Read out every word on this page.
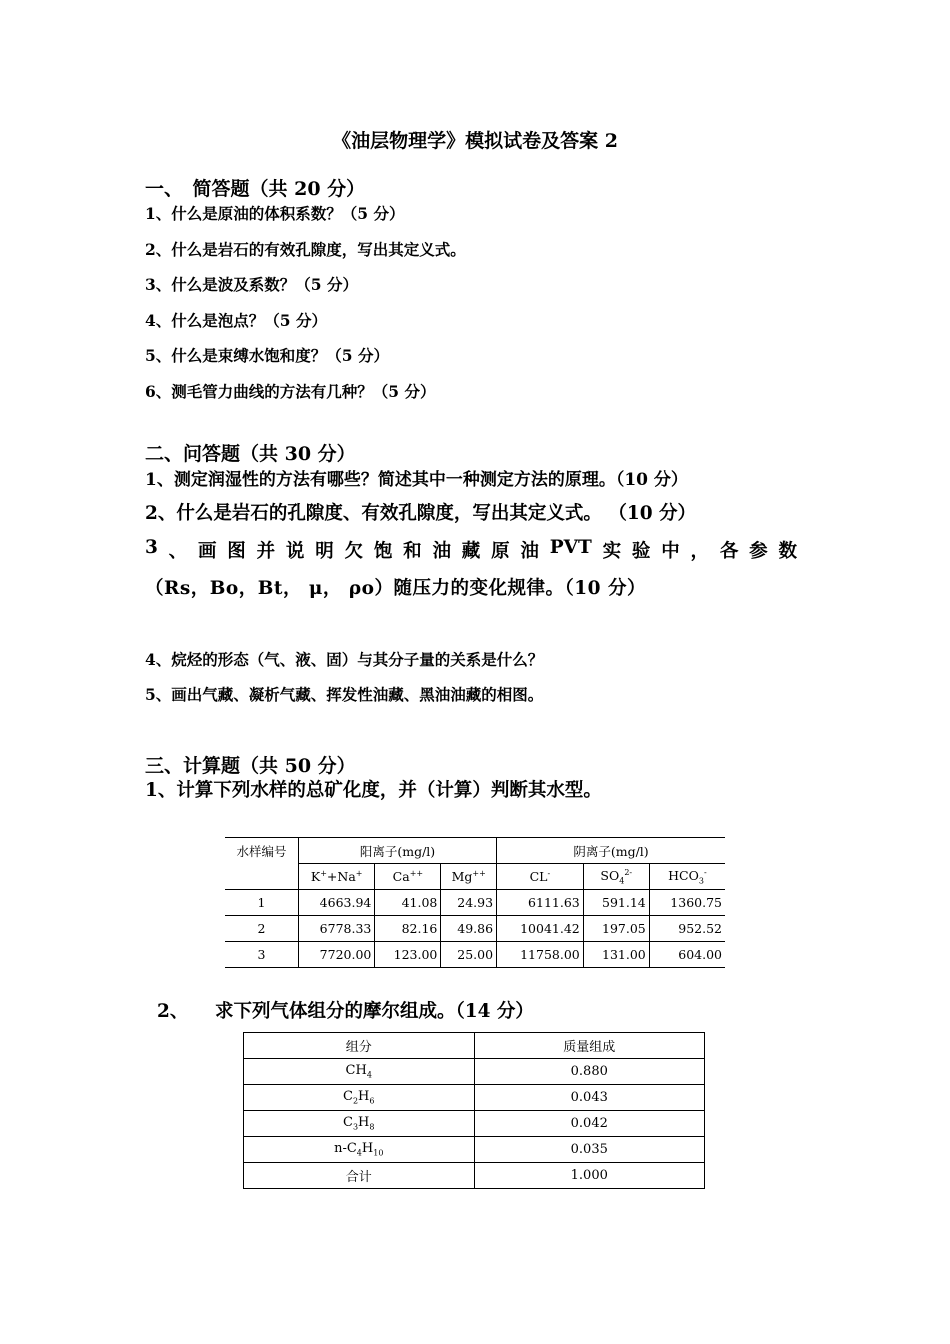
《油层物理学》模拟试卷及答案 2
一、　简答题（共 20 分）
1、什么是原油的体积系数？（5 分）
2、什么是岩石的有效孔隙度，写出其定义式。
3、什么是波及系数？（5 分）
4、什么是泡点？（5 分）
5、什么是束缚水饱和度？（5 分）
6、测毛管力曲线的方法有几种？（5 分）
二、问答题（共 30 分）
1、测定润湿性的方法有哪些？简述其中一种测定方法的原理。（10 分）
2、什么是岩石的孔隙度、有效孔隙度，写出其定义式。 （10 分）
3 、 画 图 并 说 明 欠 饱 和 油 藏 原 油 PVT 实 验 中 ， 各 参 数
（Rs，Bo，Bt， μ， ρo）随压力的变化规律。（10 分）
4、烷烃的形态（气、液、固）与其分子量的关系是什么？
5、画出气藏、凝析气藏、挥发性油藏、黑油油藏的相图。
三、计算题（共 50 分）
1、计算下列水样的总矿化度，并（计算）判断其水型。
水样编号	阳离子(mg/l)			阴离子(mg/l)		
	K++Na+	Ca++	Mg++	CL-	$SO_4^{2-}$	$HCO_3^-$
1	4663.94	41.08	24.93	6111.63	591.14	1360.75
2	6778.33	82.16	49.86	10041.42	197.05	952.52
3	7720.00	123.00	25.00	11758.00	131.00	604.00
2、 求下列气体组分的摩尔组成。（14 分）
组分	质量组成
$CH_4$	0.880
$C_2H_6$	0.043
$C_3H_8$	0.042
$n-C_4H_{10}$	0.035
合计	1.000
